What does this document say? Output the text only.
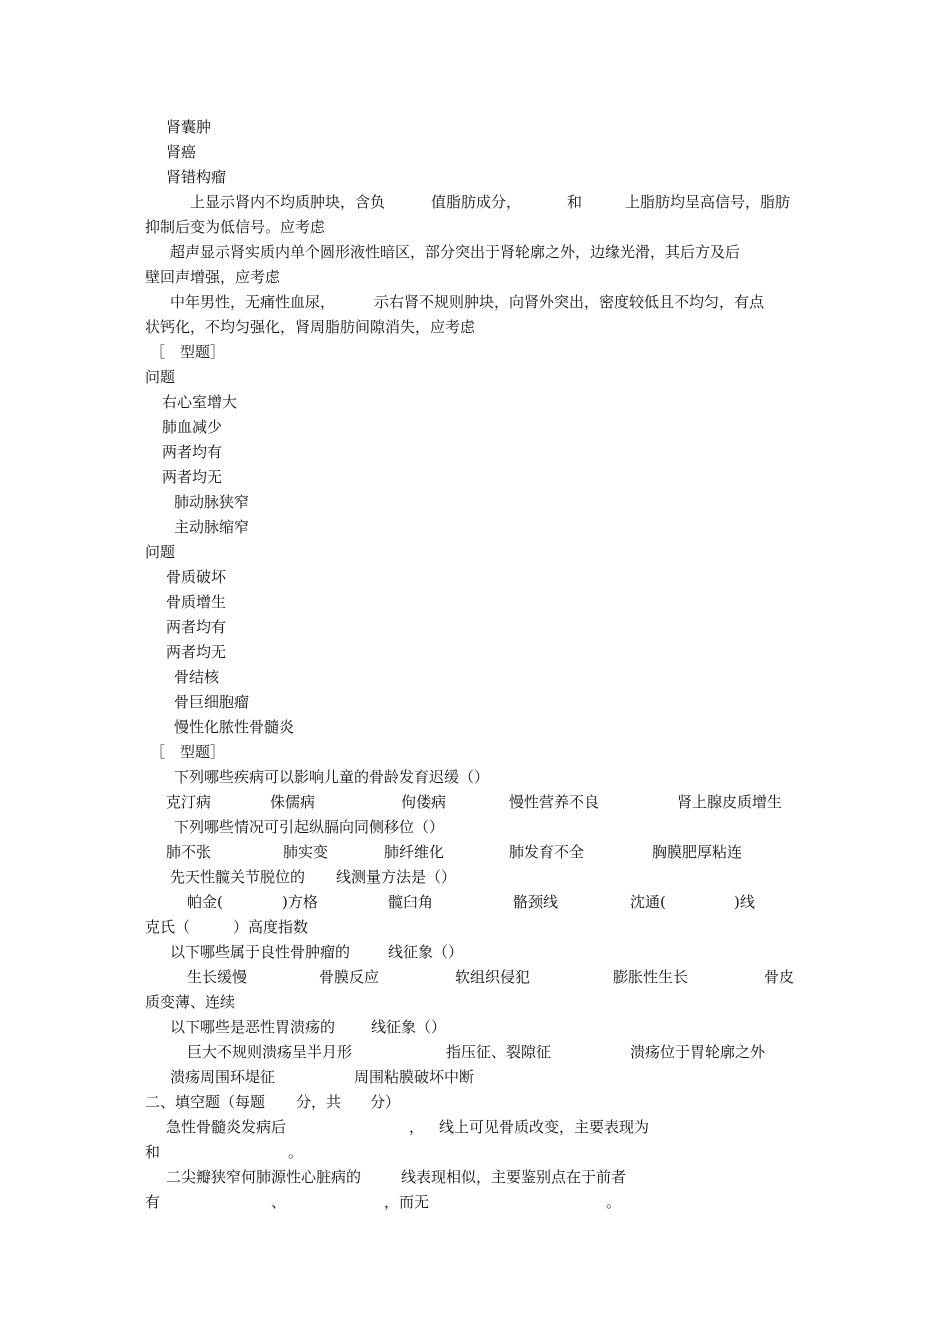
肾囊肿
肾癌
肾错构瘤
上显示肾内不均质肿块，含负	值脂肪成分，	和	上脂肪均呈高信号，脂肪
抑制后变为低信号。应考虑
超声显示肾实质内单个圆形液性暗区，部分突出于肾轮廓之外，边缘光滑，其后方及后
壁回声增强，应考虑
中年男性，无痛性血尿，	示右肾不规则肿块，向肾外突出，密度较低且不均匀，有点
状钙化，不均匀强化，肾周脂肪间隙消失，应考虑
［　型题］
问题
右心室增大
肺血减少
两者均有
两者均无
肺动脉狭窄
主动脉缩窄
问题
骨质破坏
骨质增生
两者均有
两者均无
骨结核
骨巨细胞瘤
慢性化脓性骨髓炎
［　型题］
下列哪些疾病可以影响儿童的骨龄发育迟缓（）
克汀病	侏儒病	佝偻病	慢性营养不良	肾上腺皮质增生
下列哪些情况可引起纵膈向同侧移位（）
肺不张	肺实变	肺纤维化	肺发育不全	胸膜肥厚粘连
先天性髋关节脱位的 线测量方法是（）
帕金(	)方格	髋臼角	骼颈线	沈通(	)线
克氏（	）高度指数
以下哪些属于良性骨肿瘤的	线征象（）
生长缓慢	骨膜反应	软组织侵犯	膨胀性生长	骨皮
质变薄、连续
以下哪些是恶性胃溃疡的 线征象（）
巨大不规则溃疡呈半月形	指压征、裂隙征	溃疡位于胃轮廓之外
溃疡周围环堤征	周围粘膜破坏中断
二、填空题（每题 分，共 分）
急性骨髓炎发病后	， 线上可见骨质改变，主要表现为
和	。
二尖瓣狭窄何肺源性心脏病的	线表现相似，主要鉴别点在于前者
有	、	，而无	。
